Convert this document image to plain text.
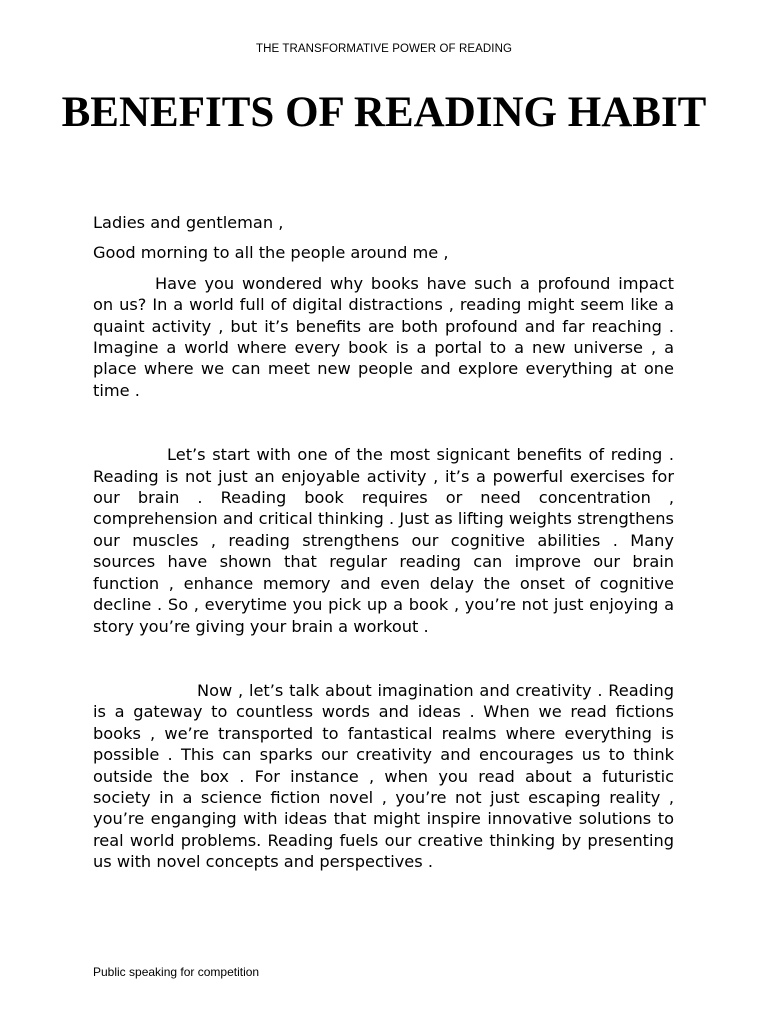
THE TRANSFORMATIVE POWER OF READING
BENEFITS OF READING HABIT

Ladies and gentleman ,

Good morning to all the people around me ,

Have you wondered why books have such a profound impact on us? In a world full of digital distractions , reading might seem like a quaint activity , but it’s benefits are both profound and far reaching . Imagine a world where every book is a portal to a new universe , a place where we can meet new people and explore everything at one time .

Let’s start with one of the most signicant benefits of reding . Reading is not just an enjoyable activity , it’s a powerful exercises for our brain . Reading book requires or need concentration , comprehension and critical thinking . Just as lifting weights strengthens our muscles , reading strengthens our cognitive abilities . Many sources have shown that regular reading can improve our brain function , enhance memory and even delay the onset of cognitive decline . So , everytime you pick up a book , you’re not just enjoying a story you’re giving your brain a workout .

Now , let’s talk about imagination and creativity . Reading is a gateway to countless words and ideas . When we read fictions books , we’re transported to fantastical realms where everything is possible . This can sparks our creativity and encourages us to think outside the box . For instance , when you read about a futuristic society in a science fiction novel , you’re not just escaping reality , you’re enganging with ideas that might inspire innovative solutions to real world problems. Reading fuels our creative thinking by presenting us with novel concepts and perspectives .

Public speaking for competition
